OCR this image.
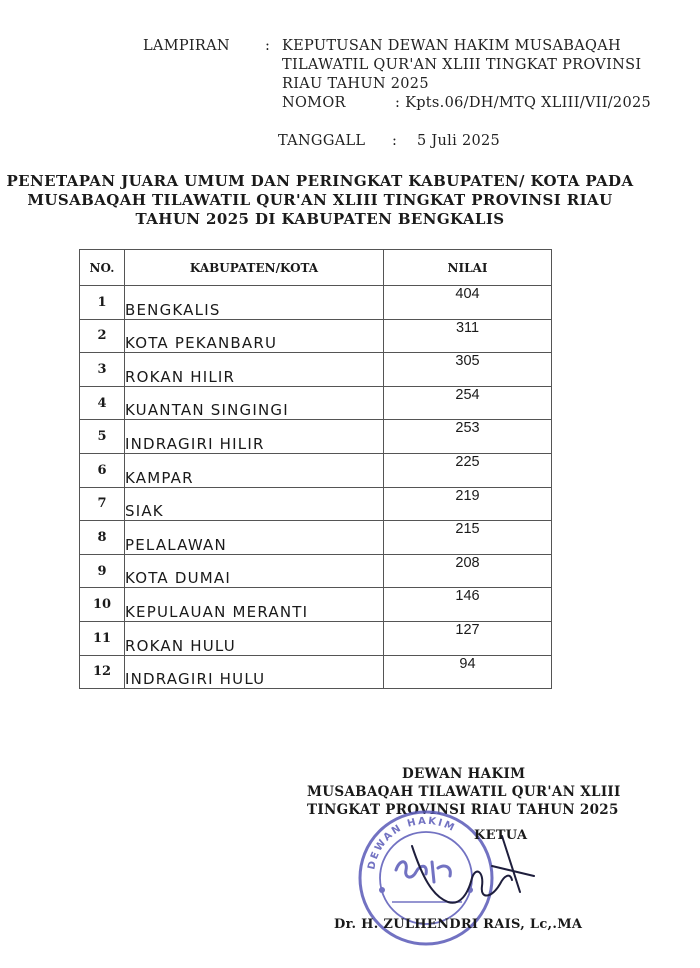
LAMPIRAN : KEPUTUSAN DEWAN HAKIM MUSABAQAH
TILAWATIL QUR'AN XLIII TINGKAT PROVINSI
RIAU TAHUN 2025
NOMOR	: Kpts.06/DH/MTQ XLIII/VII/2025
TANGGALL : 5 Juli 2025
PENETAPAN JUARA UMUM DAN PERINGKAT KABUPATEN/ KOTA PADA
MUSABAQAH TILAWATIL QUR'AN XLIII TINGKAT PROVINSI RIAU
TAHUN 2025 DI KABUPATEN BENGKALIS
NO.	KABUPATEN/KOTA	NILAI
1	BENGKALIS	404
2	KOTA PEKANBARU	311
3	ROKAN HILIR	305
4	KUANTAN SINGINGI	254
5	INDRAGIRI HILIR	253
6	KAMPAR	225
7	SIAK	219
8	PELALAWAN	215
9	KOTA DUMAI	208
10	KEPULAUAN MERANTI	146
11	ROKAN HULU	127
12	INDRAGIRI HULU	94
DEWAN HAKIM
MUSABAQAH TILAWATIL QUR'AN XLIII
TINGKAT PROVINSI RIAU TAHUN 2025
DEWAN HAKIM
KETUA
Dr. H. ZULHENDRI RAIS, Lc,.MA
